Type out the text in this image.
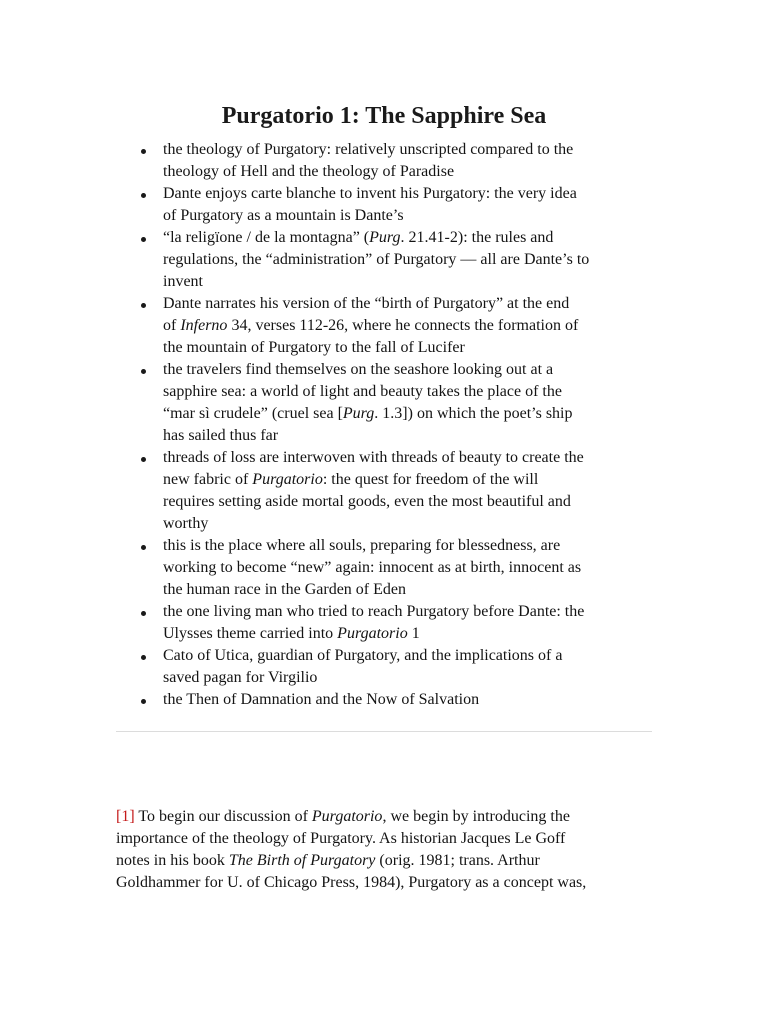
Purgatorio 1: The Sapphire Sea
the theology of Purgatory: relatively unscripted compared to the
theology of Hell and the theology of Paradise
Dante enjoys carte blanche to invent his Purgatory: the very idea
of Purgatory as a mountain is Dante’s
“la religïone / de la montagna” (Purg. 21.41-2): the rules and
regulations, the “administration” of Purgatory — all are Dante’s to
invent
Dante narrates his version of the “birth of Purgatory” at the end
of Inferno 34, verses 112-26, where he connects the formation of
the mountain of Purgatory to the fall of Lucifer
the travelers find themselves on the seashore looking out at a
sapphire sea: a world of light and beauty takes the place of the
“mar sì crudele” (cruel sea [Purg. 1.3]) on which the poet’s ship
has sailed thus far
threads of loss are interwoven with threads of beauty to create the
new fabric of Purgatorio: the quest for freedom of the will
requires setting aside mortal goods, even the most beautiful and
worthy
this is the place where all souls, preparing for blessedness, are
working to become “new” again: innocent as at birth, innocent as
the human race in the Garden of Eden
the one living man who tried to reach Purgatory before Dante: the
Ulysses theme carried into Purgatorio 1
Cato of Utica, guardian of Purgatory, and the implications of a
saved pagan for Virgilio
the Then of Damnation and the Now of Salvation
[1] To begin our discussion of Purgatorio, we begin by introducing the
importance of the theology of Purgatory. As historian Jacques Le Goff
notes in his book The Birth of Purgatory (orig. 1981; trans. Arthur
Goldhammer for U. of Chicago Press, 1984), Purgatory as a concept was,
